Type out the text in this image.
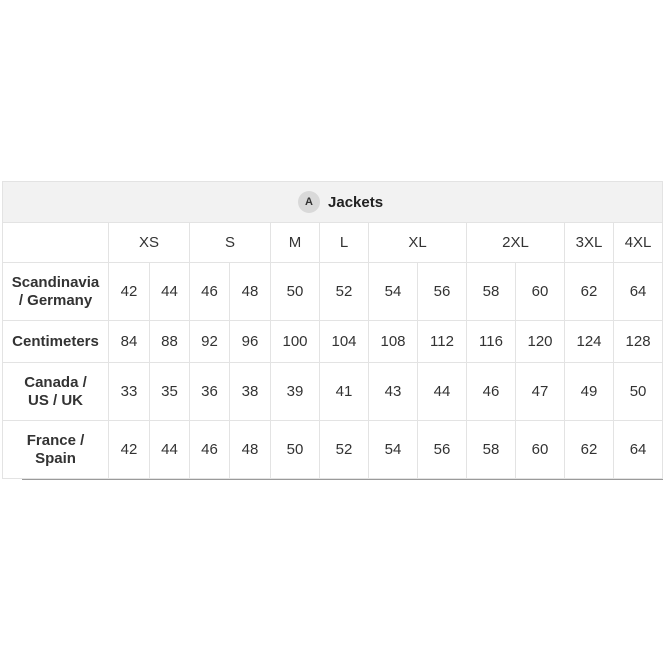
A Jackets												

	XS		S		M	L	XL		2XL		3XL	4XL
Scandinavia
/ Germany	42	44	46	48	50	52	54	56	58	60	62	64
Centimeters	84	88	92	96	100	104	108	112	116	120	124	128
Canada /
US / UK	33	35	36	38	39	41	43	44	46	47	49	50
France /
Spain	42	44	46	48	50	52	54	56	58	60	62	64
